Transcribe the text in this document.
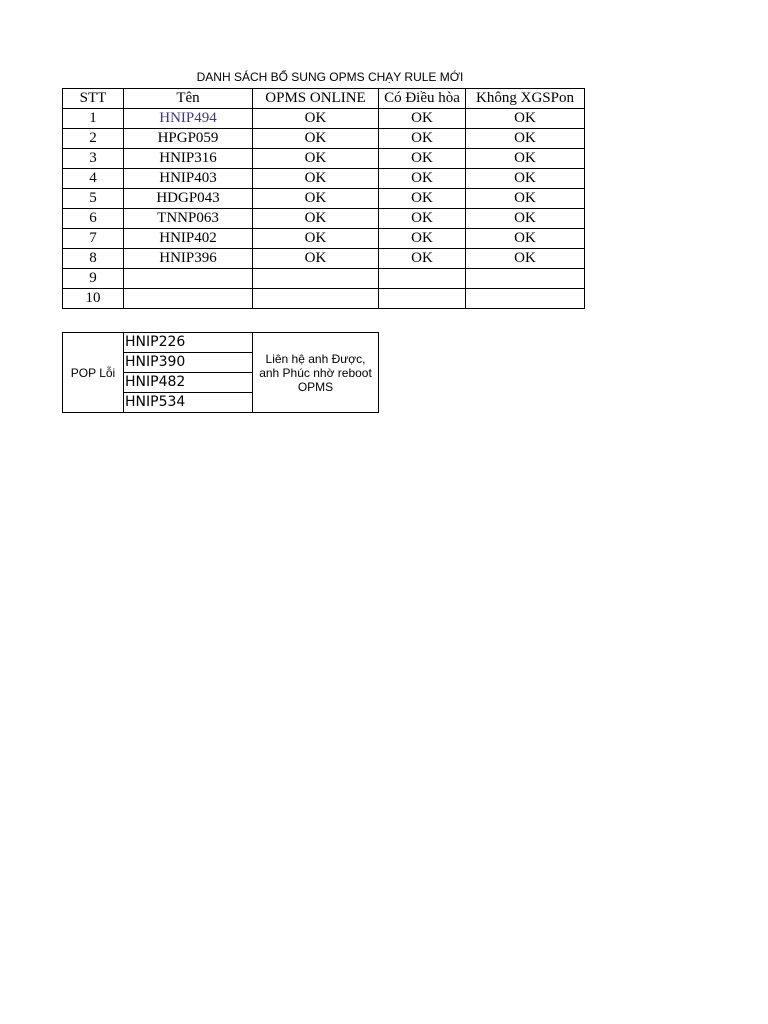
DANH SÁCH BỔ SUNG OPMS CHẠY RULE MỚI
STT	Tên	OPMS ONLINE	Có Điều hòa	Không XGSPon
1	HNIP494	OK	OK	OK
2	HPGP059	OK	OK	OK
3	HNIP316	OK	OK	OK
4	HNIP403	OK	OK	OK
5	HDGP043	OK	OK	OK
6	TNNP063	OK	OK	OK
7	HNIP402	OK	OK	OK
8	HNIP396	OK	OK	OK
9				
10				
POP Lỗi	HNIP226	Liên hệ anh Được, anh Phúc nhờ reboot OPMS
HNIP390
HNIP482
HNIP534
